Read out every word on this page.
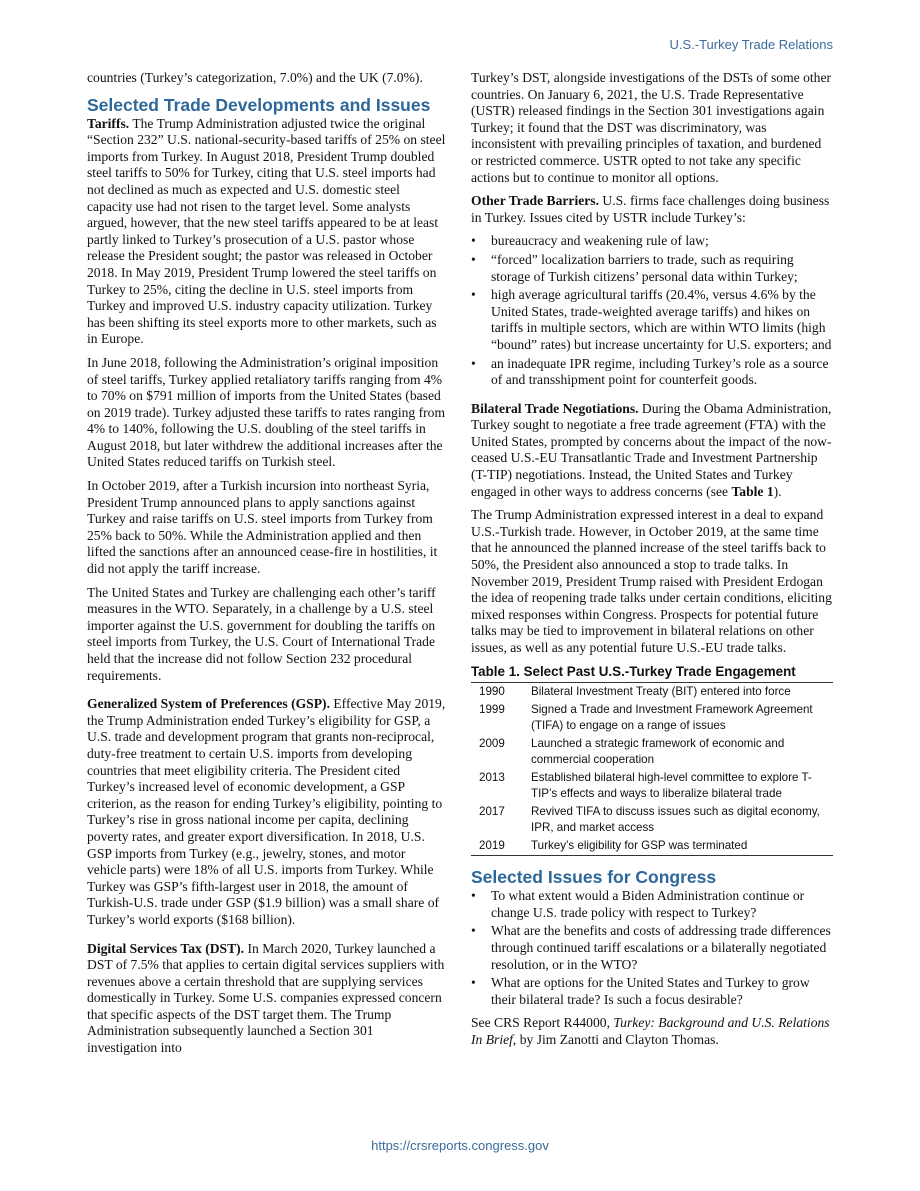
U.S.-Turkey Trade Relations

countries (Turkey’s categorization, 7.0%) and the UK (7.0%).

Selected Trade Developments and Issues

Tariffs. The Trump Administration adjusted twice the original “Section 232” U.S. national-security-based tariffs of 25% on steel imports from Turkey. In August 2018, President Trump doubled steel tariffs to 50% for Turkey, citing that U.S. steel imports had not declined as much as expected and U.S. domestic steel capacity use had not risen to the target level. Some analysts argued, however, that the new steel tariffs appeared to be at least partly linked to Turkey’s prosecution of a U.S. pastor whose release the President sought; the pastor was released in October 2018. In May 2019, President Trump lowered the steel tariffs on Turkey to 25%, citing the decline in U.S. steel imports from Turkey and improved U.S. industry capacity utilization. Turkey has been shifting its steel exports more to other markets, such as in Europe.

In June 2018, following the Administration’s original imposition of steel tariffs, Turkey applied retaliatory tariffs ranging from 4% to 70% on $791 million of imports from the United States (based on 2019 trade). Turkey adjusted these tariffs to rates ranging from 4% to 140%, following the U.S. doubling of the steel tariffs in August 2018, but later withdrew the additional increases after the United States reduced tariffs on Turkish steel.

In October 2019, after a Turkish incursion into northeast Syria, President Trump announced plans to apply sanctions against Turkey and raise tariffs on U.S. steel imports from Turkey from 25% back to 50%. While the Administration applied and then lifted the sanctions after an announced cease-fire in hostilities, it did not apply the tariff increase.

The United States and Turkey are challenging each other’s tariff measures in the WTO. Separately, in a challenge by a U.S. steel importer against the U.S. government for doubling the tariffs on steel imports from Turkey, the U.S. Court of International Trade held that the increase did not follow Section 232 procedural requirements.

Generalized System of Preferences (GSP). Effective May 2019, the Trump Administration ended Turkey’s eligibility for GSP, a U.S. trade and development program that grants non-reciprocal, duty-free treatment to certain U.S. imports from developing countries that meet eligibility criteria. The President cited Turkey’s increased level of economic development, a GSP criterion, as the reason for ending Turkey’s eligibility, pointing to Turkey’s rise in gross national income per capita, declining poverty rates, and greater export diversification. In 2018, U.S. GSP imports from Turkey (e.g., jewelry, stones, and motor vehicle parts) were 18% of all U.S. imports from Turkey. While Turkey was GSP’s fifth-largest user in 2018, the amount of Turkish-U.S. trade under GSP ($1.9 billion) was a small share of Turkey’s world exports ($168 billion).

Digital Services Tax (DST). In March 2020, Turkey launched a DST of 7.5% that applies to certain digital services suppliers with revenues above a certain threshold that are supplying services domestically in Turkey. Some U.S. companies expressed concern that specific aspects of the DST target them. The Trump Administration subsequently launched a Section 301 investigation into

Turkey’s DST, alongside investigations of the DSTs of some other countries. On January 6, 2021, the U.S. Trade Representative (USTR) released findings in the Section 301 investigations again Turkey; it found that the DST was discriminatory, was inconsistent with prevailing principles of taxation, and burdened or restricted commerce. USTR opted to not take any specific actions but to continue to monitor all options.

Other Trade Barriers. U.S. firms face challenges doing business in Turkey. Issues cited by USTR include Turkey’s:

• bureaucracy and weakening rule of law;
• “forced” localization barriers to trade, such as requiring storage of Turkish citizens’ personal data within Turkey;
• high average agricultural tariffs (20.4%, versus 4.6% by the United States, trade-weighted average tariffs) and hikes on tariffs in multiple sectors, which are within WTO limits (high “bound” rates) but increase uncertainty for U.S. exporters; and
• an inadequate IPR regime, including Turkey’s role as a source of and transshipment point for counterfeit goods.

Bilateral Trade Negotiations. During the Obama Administration, Turkey sought to negotiate a free trade agreement (FTA) with the United States, prompted by concerns about the impact of the now-ceased U.S.-EU Transatlantic Trade and Investment Partnership (T-TIP) negotiations. Instead, the United States and Turkey engaged in other ways to address concerns (see Table 1).

The Trump Administration expressed interest in a deal to expand U.S.-Turkish trade. However, in October 2019, at the same time that he announced the planned increase of the steel tariffs back to 50%, the President also announced a stop to trade talks. In November 2019, President Trump raised with President Erdogan the idea of reopening trade talks under certain conditions, eliciting mixed responses within Congress. Prospects for potential future talks may be tied to improvement in bilateral relations on other issues, as well as any potential future U.S.-EU trade talks.

Table 1. Select Past U.S.-Turkey Trade Engagement
1990	Bilateral Investment Treaty (BIT) entered into force
1999	Signed a Trade and Investment Framework Agreement (TIFA) to engage on a range of issues
2009	Launched a strategic framework of economic and commercial cooperation
2013	Established bilateral high-level committee to explore T-TIP’s effects and ways to liberalize bilateral trade
2017	Revived TIFA to discuss issues such as digital economy, IPR, and market access
2019	Turkey’s eligibility for GSP was terminated
Selected Issues for Congress
• To what extent would a Biden Administration continue or change U.S. trade policy with respect to Turkey?
• What are the benefits and costs of addressing trade differences through continued tariff escalations or a bilaterally negotiated resolution, or in the WTO?
• What are options for the United States and Turkey to grow their bilateral trade? Is such a focus desirable?

See CRS Report R44000, Turkey: Background and U.S. Relations In Brief, by Jim Zanotti and Clayton Thomas.

https://crsreports.congress.gov
